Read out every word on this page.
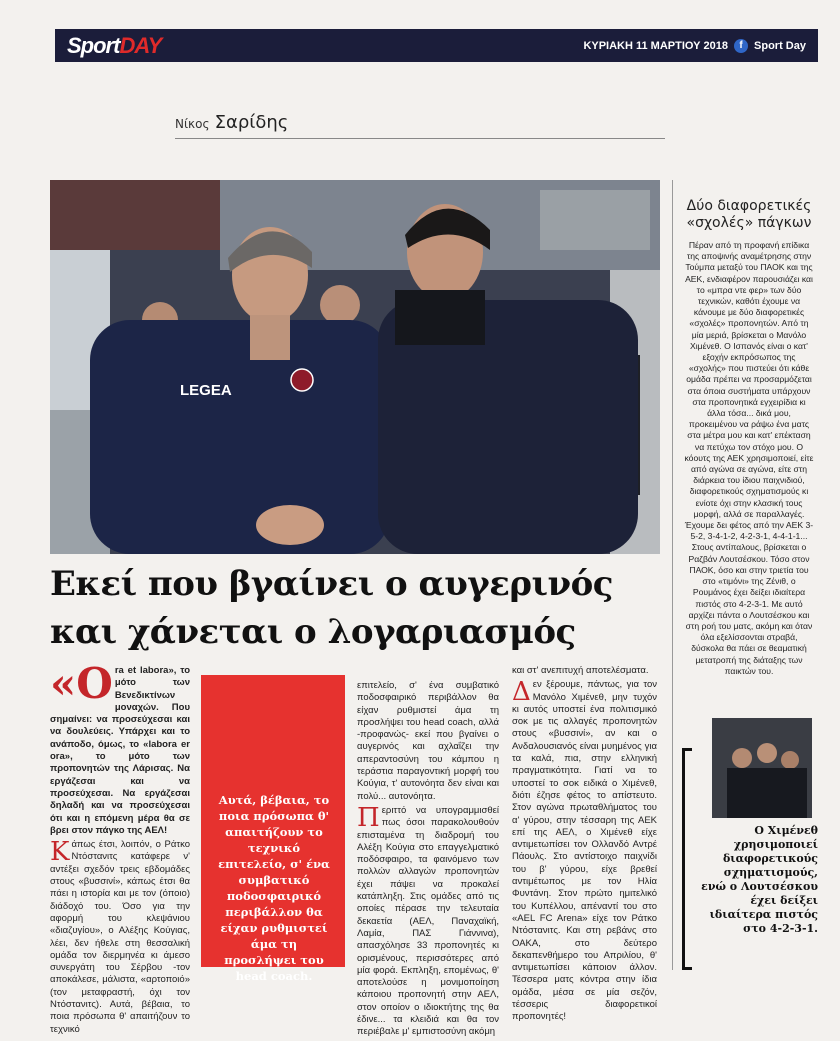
SportDAY	ΚΥΡΙΑΚΗ 11 ΜΑΡΤΙΟΥ 2018	f	Sport Day
Νίκος Σαρίδης
LEGEA
Εκεί που βγαίνει ο αυγερινός
και χάνεται ο λογαριασμός

«Οra et labora», το μότο των Βενεδικτίνων μοναχών. Που σημαίνει: να προσεύχεσαι και να δουλεύεις. Υπάρχει και το ανάποδο, όμως, το «labora er ora», το μότο των προπονητών της Λάρισας. Να εργάζεσαι και να προσεύχεσαι. Να εργάζεσαι δηλαδή και να προσεύχεσαι ότι και η επόμενη μέρα θα σε βρει στον πάγκο της ΑΕΛ!

Κάπως έτσι, λοιπόν, ο Ράτκο Ντόστανιτς κατάφερε ν' αντέξει σχεδόν τρεις εβδομάδες στους «βυσσινί», κάπως έτσι θα πάει η ιστορία και με τον (όποιο) διάδοχό του. Όσο για την αφορμή του κλεψάνιου «διαζυγίου», ο Αλέξης Κούγιας, λέει, δεν ήθελε στη θεσσαλική ομάδα τον διερμηνέα κι άμεσο συνεργάτη του Σέρβου -τον αποκάλεσε, μάλιστα, «αρτοποιό» (τον μεταφραστή, όχι τον Ντόστανιτς). Αυτά, βέβαια, το ποια πρόσωπα θ' απαιτήζουν το τεχνικό

Αυτά, βέβαια, το ποια πρόσωπα θ' απαιτήζουν το τεχνικό επιτελείο, σ' ένα συμβατικό ποδοσφαιρικό περιβάλλον θα είχαν ρυθμιστεί άμα τη προσλήψει του head coach.

επιτελείο, σ' ένα συμβατικό ποδοσφαιρικό περιβάλλον θα είχαν ρυθμιστεί άμα τη προσλήψει του head coach, αλλά -προφανώς- εκεί που βγαίνει ο αυγερινός και αχλαΐζει την απεραντοσύνη του κάμπου η τεράστια παραγοντική μορφή του Κούγια, τ' αυτονόητα δεν είναι και πολύ... αυτονόητα.

Περιττό να υπογραμμισθεί πως όσοι παρακολουθούν επισταμένα τη διαδρομή του Αλέξη Κούγια στο επαγγελματικό ποδόσφαιρο, τα φαινόμενο των πολλών αλλαγών προπονητών έχει πάψει να προκαλεί κατάπληξη. Στις ομάδες από τις οποίες πέρασε την τελευταία δεκαετία (ΑΕΛ, Παναχαϊκή, Λαμία, ΠΑΣ Γιάννινα), απασχόλησε 33 προπονητές κι ορισμένους, περισσότερες από μία φορά. Εκπληξη, επομένως, θ' αποτελούσε η μονιμοποίηση κάποιου προπονητή στην ΑΕΛ, στον οποίον ο ιδιοκτήτης της θα έδινε... τα κλειδιά και θα τον περιέβαλε μ' εμπιστοσύνη ακόμη

και στ' ανεπιτυχή αποτελέσματα.

Δεν ξέρουμε, πάντως, για τον Μανόλο Χιμένεθ, μην τυχόν κι αυτός υποστεί ένα πολιτισμικό σοκ με τις αλλαγές προπονητών στους «βυσσινί», αν και ο Ανδαλουσιανός είναι μυημένος για τα καλά, πια, στην ελληνική πραγματικότητα. Γιατί να το υποστεί το σοκ ειδικά ο Χιμένεθ, διότι έζησε φέτος το απίστευτο. Στον αγώνα πρωταθλήματος του α' γύρου, στην τέσσαρη της ΑΕΚ επί της ΑΕΛ, ο Χιμένεθ είχε αντιμετωπίσει τον Ολλανδό Αντρέ Πάουλς. Στο αντίστοιχο παιχνίδι του β' γύρου, είχε βρεθεί αντιμέτωπος με τον Ηλία Φυντάνη. Στον πρώτο ημιτελικό του Κυπέλλου, απέναντί του στο «AEL FC Arena» είχε τον Ράτκο Ντόστανιτς. Και στη ρεβάνς στο ΟΑΚΑ, στο δεύτερο δεκαπενθήμερο του Απριλίου, θ' αντιμετωπίσει κάποιον άλλον. Τέσσερα ματς κόντρα στην ίδια ομάδα, μέσα σε μία σεζόν, τέσσερις διαφορετικοί προπονητές!

Δύο διαφορετικές «σχολές» πάγκων

Πέραν από τη προφανή επίδικα της αποψινής αναμέτρησης στην Τούμπα μεταξύ του ΠΑΟΚ και της ΑΕΚ, ενδιαφέρον παρουσιάζει και το «μπρα ντε φερ» των δύο τεχνικών, καθότι έχουμε να κάνουμε με δύο διαφορετικές «σχολές» προπονητών. Από τη μία μεριά, βρίσκεται ο Μανόλο Χιμένεθ. Ο Ισπανός είναι ο κατ' εξοχήν εκπρόσωπος της «σχολής» που πιστεύει ότι κάθε ομάδα πρέπει να προσαρμόζεται στα όποια συστήματα υπάρχουν στα προπονητικά εγχειρίδια κι άλλα τόσα... δικά μου, προκειμένου να ράψω ένα ματς στα μέτρα μου και κατ' επέκταση να πετύχω τον στόχο μου. Ο κόουτς της ΑΕΚ χρησιμοποιεί, είτε από αγώνα σε αγώνα, είτε στη διάρκεια του ίδιου παιχνιδιού, διαφορετικούς σχηματισμούς κι ενίοτε όχι στην κλασική τους μορφή, αλλά σε παραλλαγές. Έχουμε δει φέτος από την ΑΕΚ 3-5-2, 3-4-1-2, 4-2-3-1, 4-4-1-1... Στους αντίπαλους, βρίσκεται ο Ραζβάν Λουτσέσκου. Τόσο στον ΠΑΟΚ, όσο και στην τριετία του στο «τιμόνι» της Ζένιθ, ο Ρουμάνος έχει δείξει ιδιαίτερα πιστός στο 4-2-3-1. Με αυτό αρχίζει πάντα ο Λουτσέσκου και στη ροή του ματς, ακόμη και όταν όλα εξελίσσονται στραβά, δύσκολα θα πάει σε θεαματική μετατροπή της διάταξης των παικτών του.

Ο Χιμένεθ χρησιμοποιεί διαφορετικούς σχηματισμούς, ενώ ο Λουτσέσκου έχει δείξει ιδιαίτερα πιστός στο 4-2-3-1.
